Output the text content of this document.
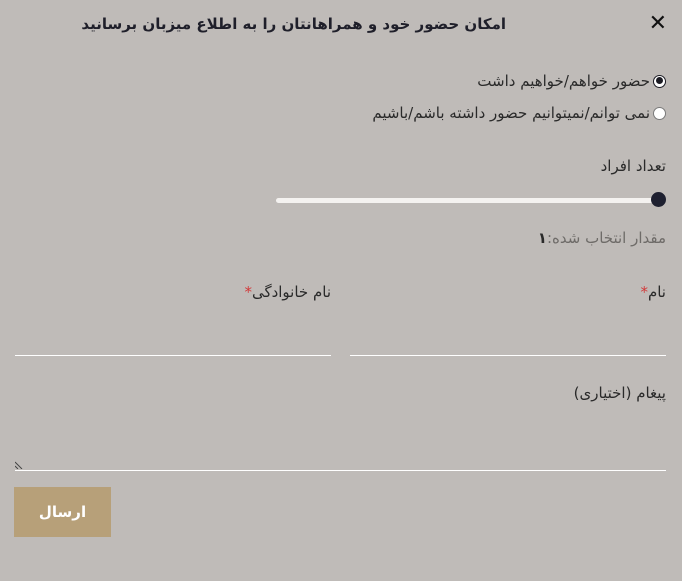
امکان حضور خود و همراهانتان را به اطلاع میزبان برسانید	✕
حضور خواهم/خواهیم داشت
نمی توانم/نمیتوانیم حضور داشته باشم/باشیم
تعداد افراد
مقدار انتخاب شده:۱
نام*
نام خانوادگی*
پیغام (اختیاری)
ارسال
